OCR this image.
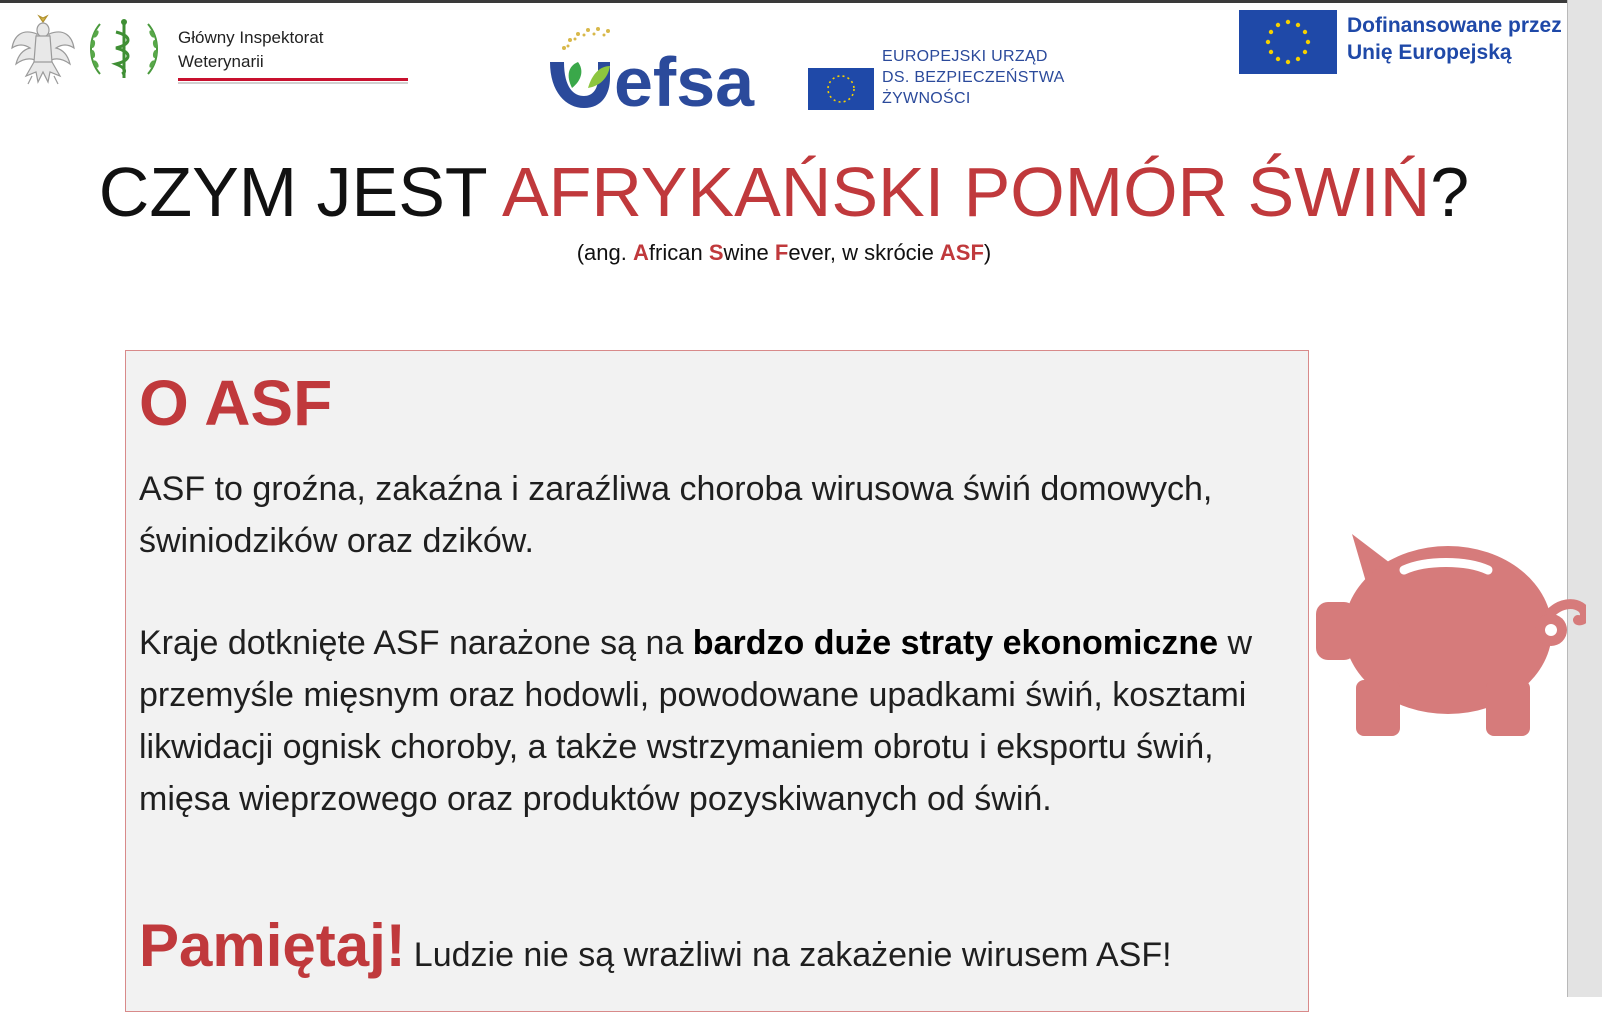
Główny Inspektorat
Weterynarii	efsa	EUROPEJSKI URZĄD
DS. BEZPIECZEŃSTWA
ŻYWNOŚCI
Dofinansowane przez
Unię Europejską
CZYM JEST AFRYKAŃSKI POMÓR ŚWIŃ?
(ang. African Swine Fever, w skrócie ASF)
O ASF
ASF to groźna, zakaźna i zaraźliwa choroba wirusowa świń domowych, świniodzików oraz dzików.
Kraje dotknięte ASF narażone są na bardzo duże straty ekonomiczne w przemyśle mięsnym oraz hodowli, powodowane upadkami świń, kosztami likwidacji ognisk choroby, a także wstrzymaniem obrotu i eksportu świń, mięsa wieprzowego oraz produktów pozyskiwanych od świń.
Pamiętaj! Ludzie nie są wrażliwi na zakażenie wirusem ASF!
